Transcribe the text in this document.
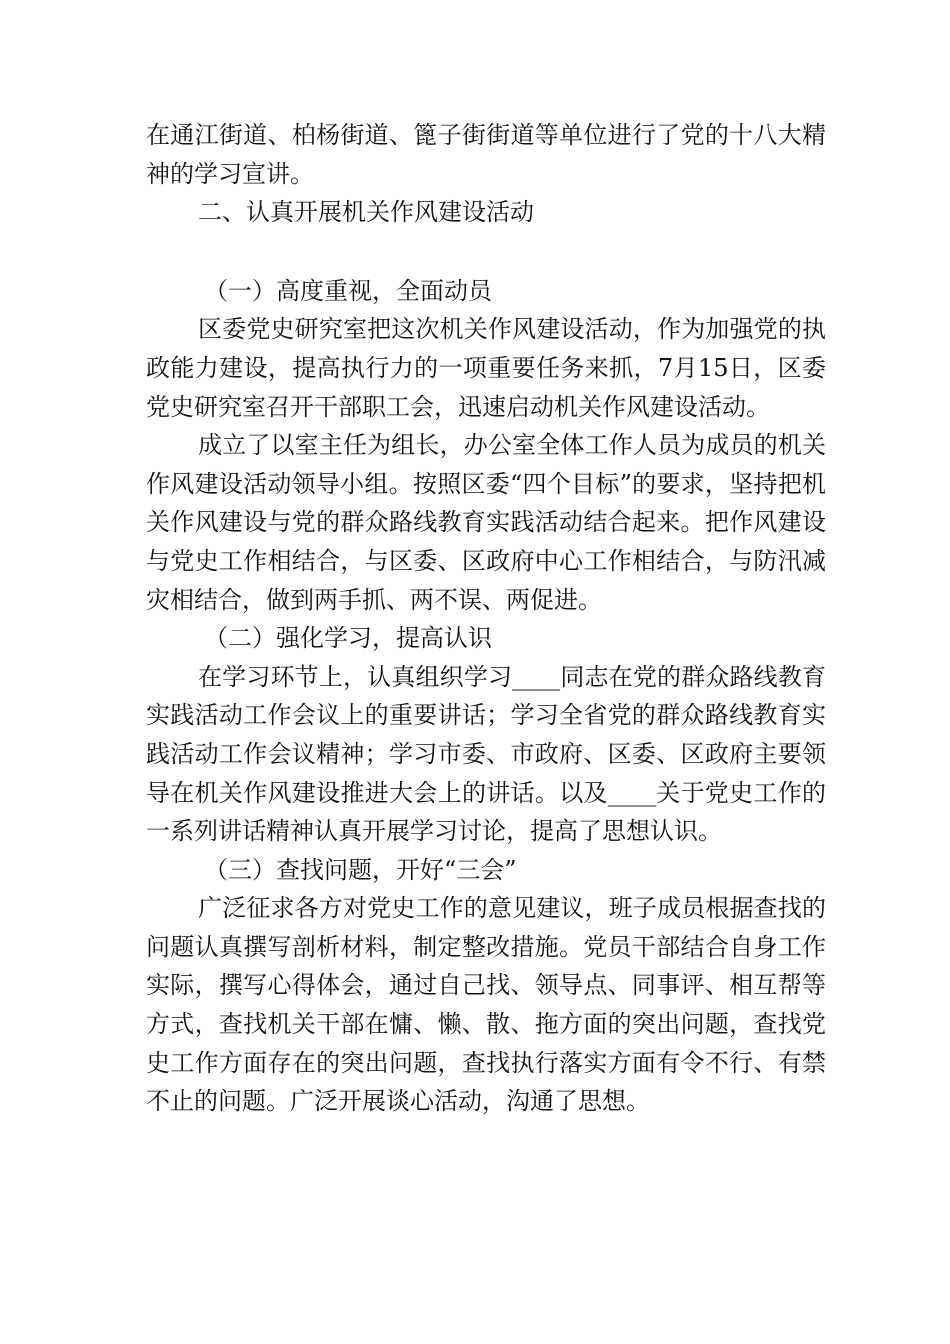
在通江街道、柏杨街道、篦子街街道等单位进行了党的十八大精神的学习宣讲。

二、认真开展机关作风建设活动

（一）高度重视，全面动员

区委党史研究室把这次机关作风建设活动，作为加强党的执政能力建设，提高执行力的一项重要任务来抓，7月15日，区委党史研究室召开干部职工会，迅速启动机关作风建设活动。

成立了以室主任为组长，办公室全体工作人员为成员的机关作风建设活动领导小组。按照区委“四个目标”的要求，坚持把机关作风建设与党的群众路线教育实践活动结合起来。把作风建设与党史工作相结合，与区委、区政府中心工作相结合，与防汛减灾相结合，做到两手抓、两不误、两促进。

（二）强化学习，提高认识

在学习环节上，认真组织学习____同志在党的群众路线教育实践活动工作会议上的重要讲话；学习全省党的群众路线教育实践活动工作会议精神；学习市委、市政府、区委、区政府主要领导在机关作风建设推进大会上的讲话。以及____关于党史工作的一系列讲话精神认真开展学习讨论，提高了思想认识。

（三）查找问题，开好“三会”

广泛征求各方对党史工作的意见建议，班子成员根据查找的问题认真撰写剖析材料，制定整改措施。党员干部结合自身工作实际，撰写心得体会，通过自己找、领导点、同事评、相互帮等方式，查找机关干部在慵、懒、散、拖方面的突出问题，查找党史工作方面存在的突出问题，查找执行落实方面有令不行、有禁不止的问题。广泛开展谈心活动，沟通了思想。
